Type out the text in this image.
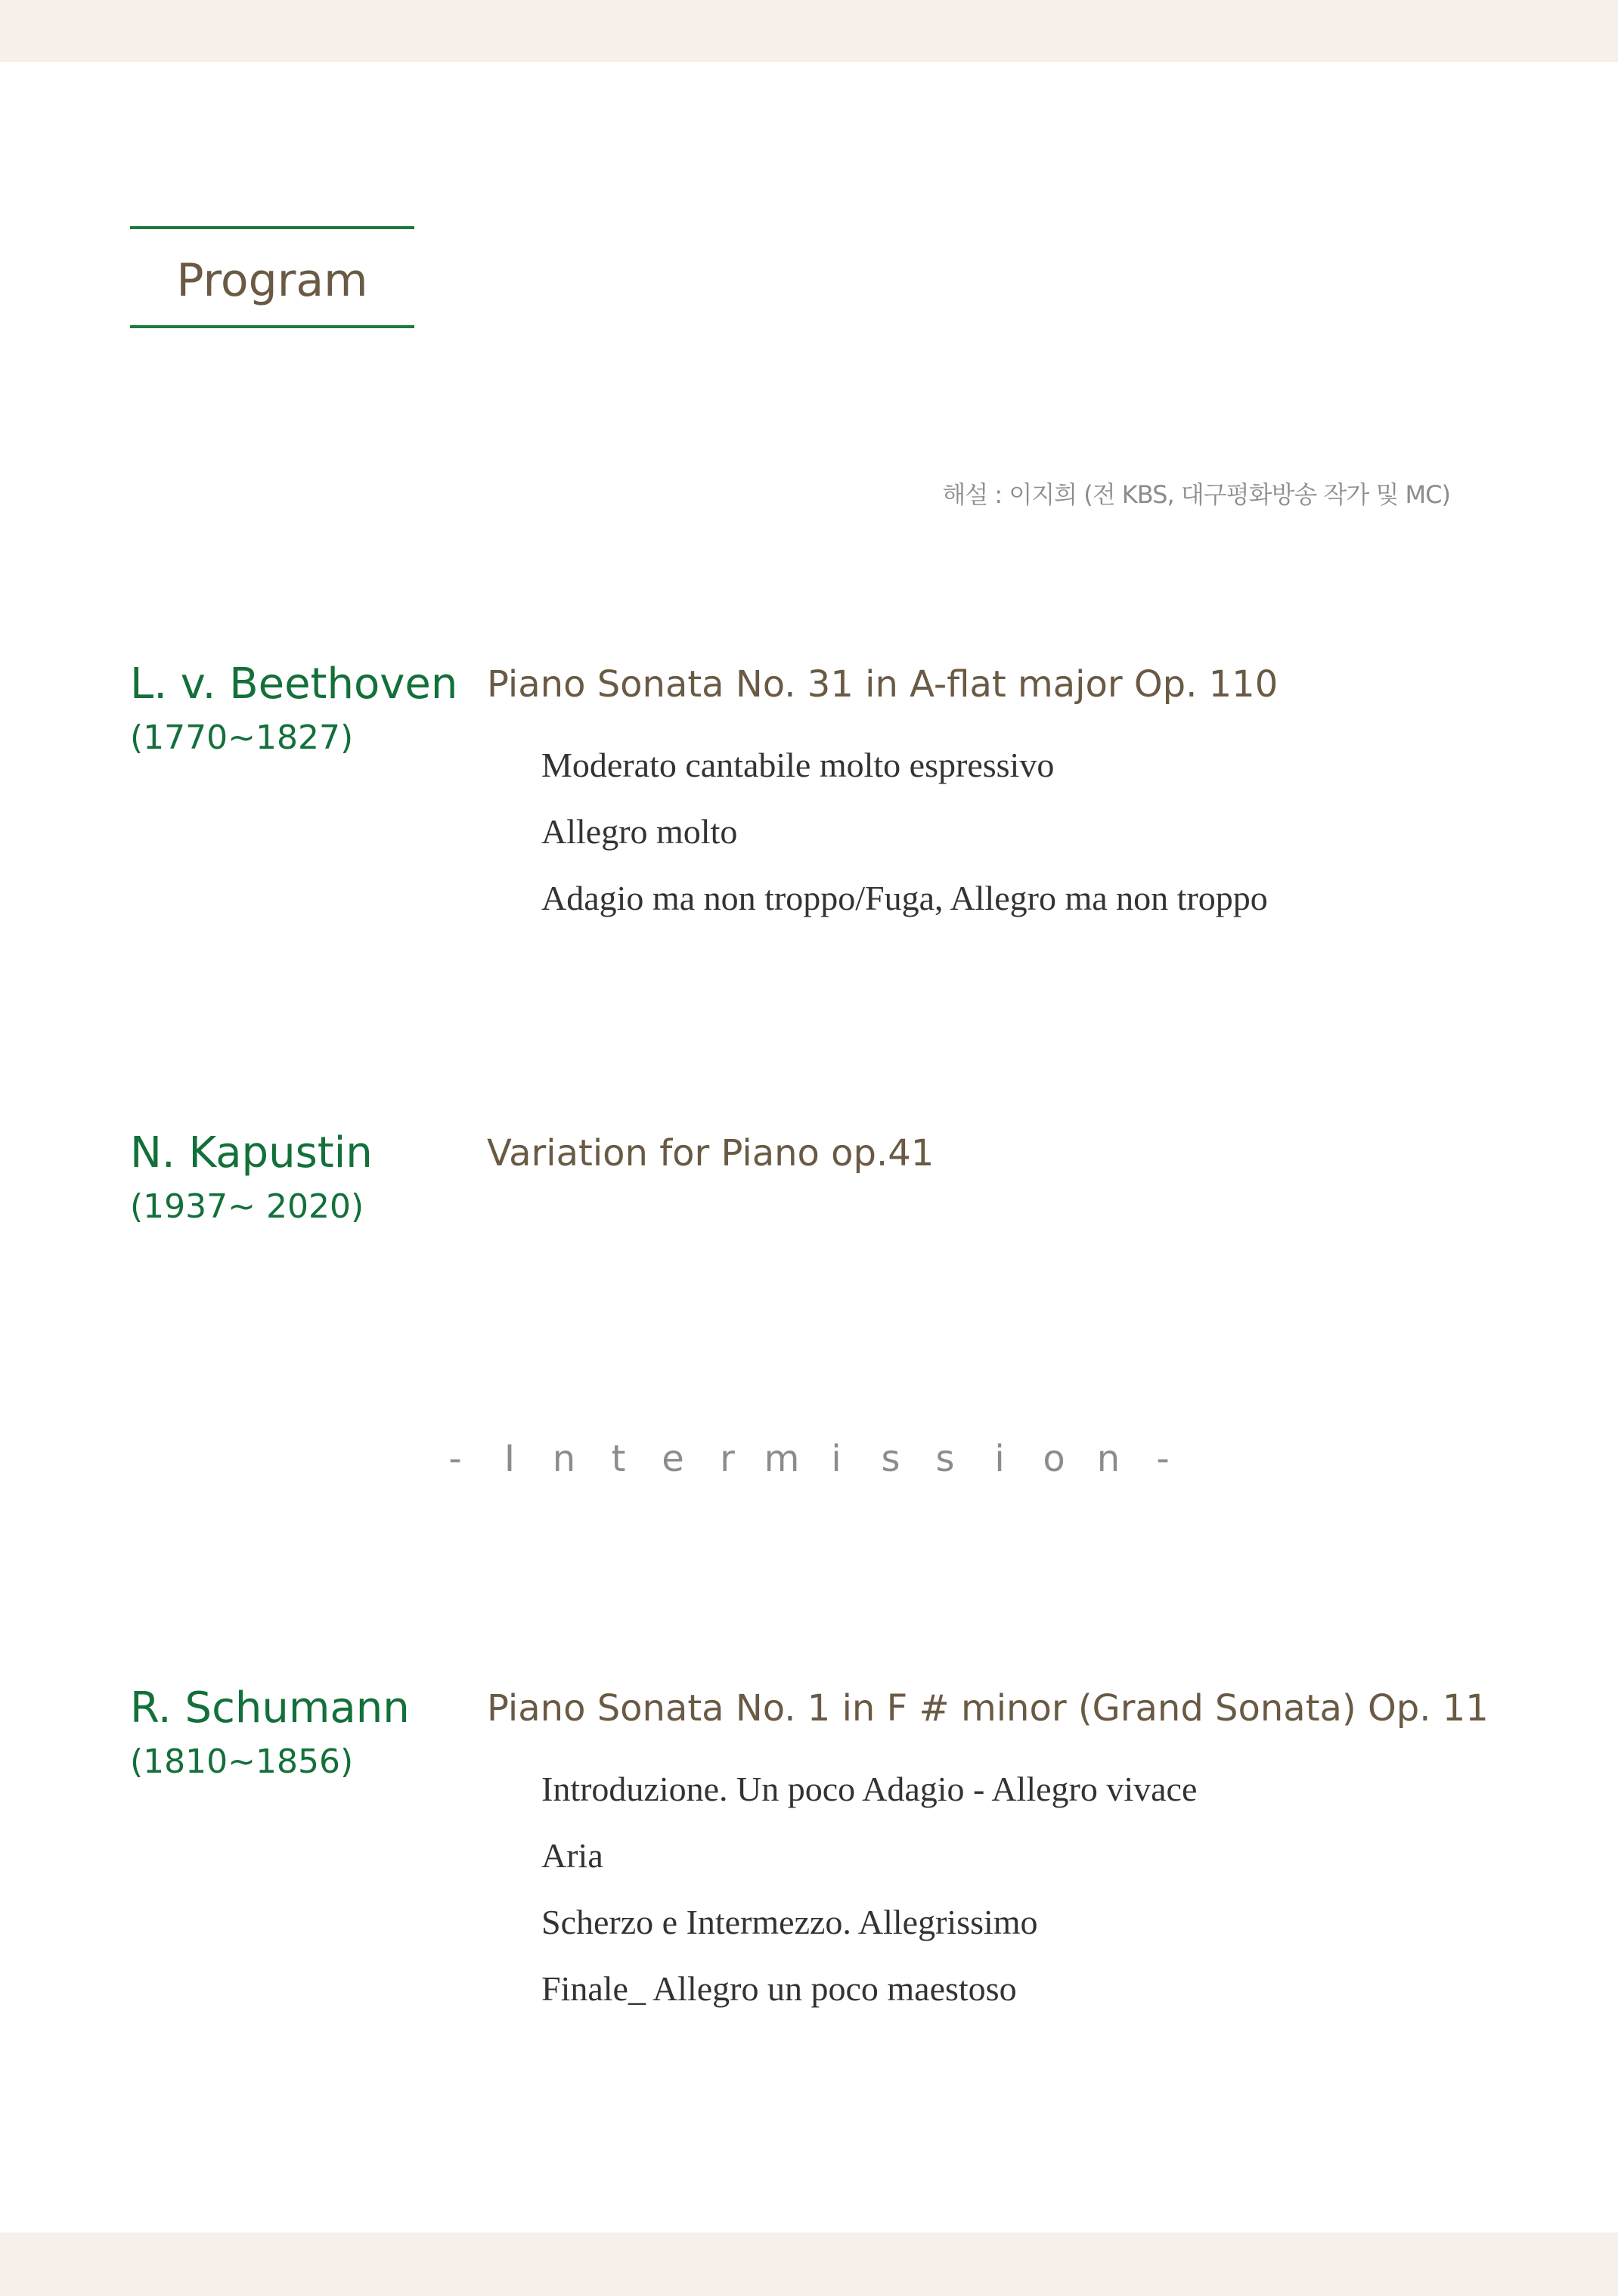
Program
해설 : 이지희 (전 KBS, 대구평화방송 작가 및 MC)
L. v. Beethoven
(1770~1827)
Piano Sonata No. 31 in A-flat major Op. 110
Moderato cantabile molto espressivo
Allegro molto
Adagio ma non troppo/Fuga, Allegro ma non troppo
N. Kapustin
(1937~ 2020)
Variation for Piano op.41
- I n t e r m i s s i o n -
R. Schumann
(1810~1856)
Piano Sonata No. 1 in F # minor (Grand Sonata) Op. 11
Introduzione. Un poco Adagio - Allegro vivace
Aria
Scherzo e Intermezzo. Allegrissimo
Finale_ Allegro un poco maestoso
